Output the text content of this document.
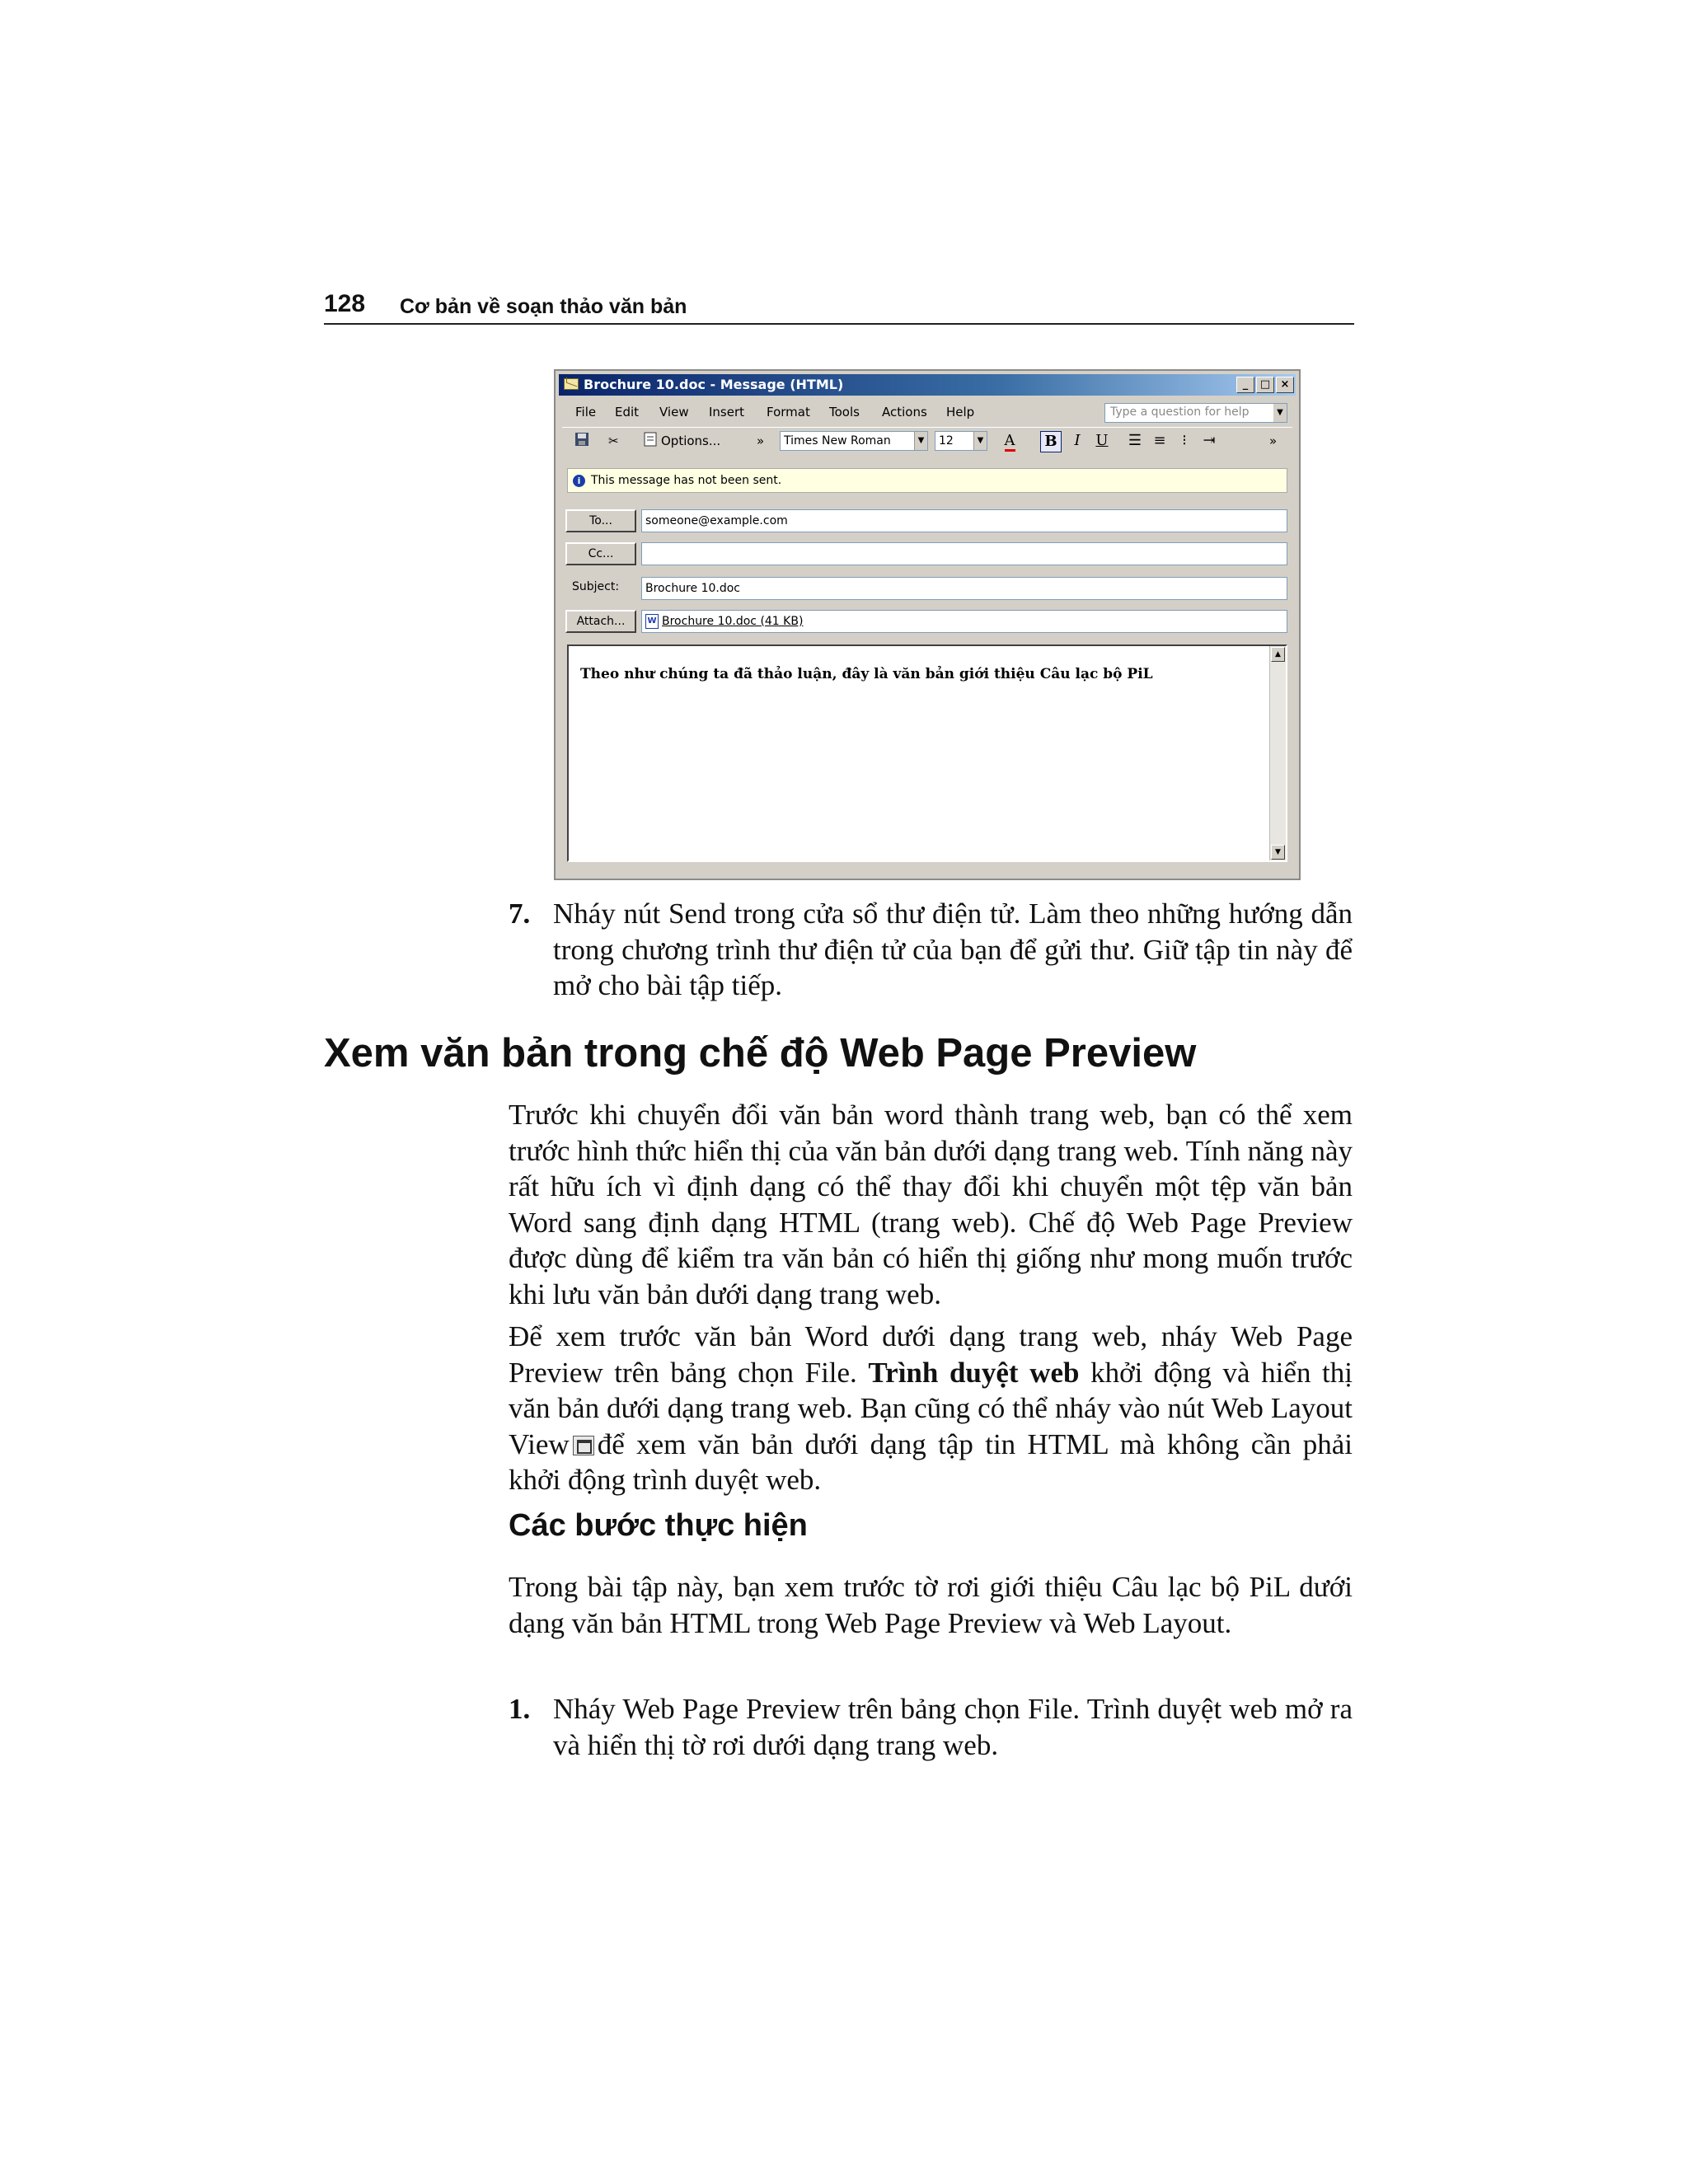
128 Cơ bản về soạn thảo văn bản
Brochure 10.doc - Message (HTML)	_	□ ×
File Edit View Insert Format Tools Actions Help	Type a question for help	▼
✂	Options...	»	Times New Roman	▼	12	▼	A	B	I	U	☰ ≡	⁝	⇥	»
i This message has not been sent.
To...	someone@example.com
Cc...
Subject:	Brochure 10.doc
Attach...	W Brochure 10.doc (41 KB)
Theo như chúng ta đã thảo luận, đây là văn bản giới thiệu Câu lạc bộ PiL
▲
▼
7. Nháy nút Send trong cửa sổ thư điện tử. Làm theo những hướng dẫn trong chương trình thư điện tử của bạn để gửi thư. Giữ tập tin này để mở cho bài tập tiếp.
Xem văn bản trong chế độ Web Page Preview
Trước khi chuyển đổi văn bản word thành trang web, bạn có thể xem trước hình thức hiển thị của văn bản dưới dạng trang web. Tính năng này rất hữu ích vì định dạng có thể thay đổi khi chuyển một tệp văn bản Word sang định dạng HTML (trang web). Chế độ Web Page Preview được dùng để kiểm tra văn bản có hiển thị giống như mong muốn trước khi lưu văn bản dưới dạng trang web.
Để xem trước văn bản Word dưới dạng trang web, nháy Web Page Preview trên bảng chọn File. Trình duyệt web khởi động và hiển thị văn bản dưới dạng trang web. Bạn cũng có thể nháy vào nút Web Layout View để xem văn bản dưới dạng tập tin HTML mà không cần phải khởi động trình duyệt web.
Các bước thực hiện
Trong bài tập này, bạn xem trước tờ rơi giới thiệu Câu lạc bộ PiL dưới dạng văn bản HTML trong Web Page Preview và Web Layout.
1. Nháy Web Page Preview trên bảng chọn File. Trình duyệt web mở ra và hiển thị tờ rơi dưới dạng trang web.
